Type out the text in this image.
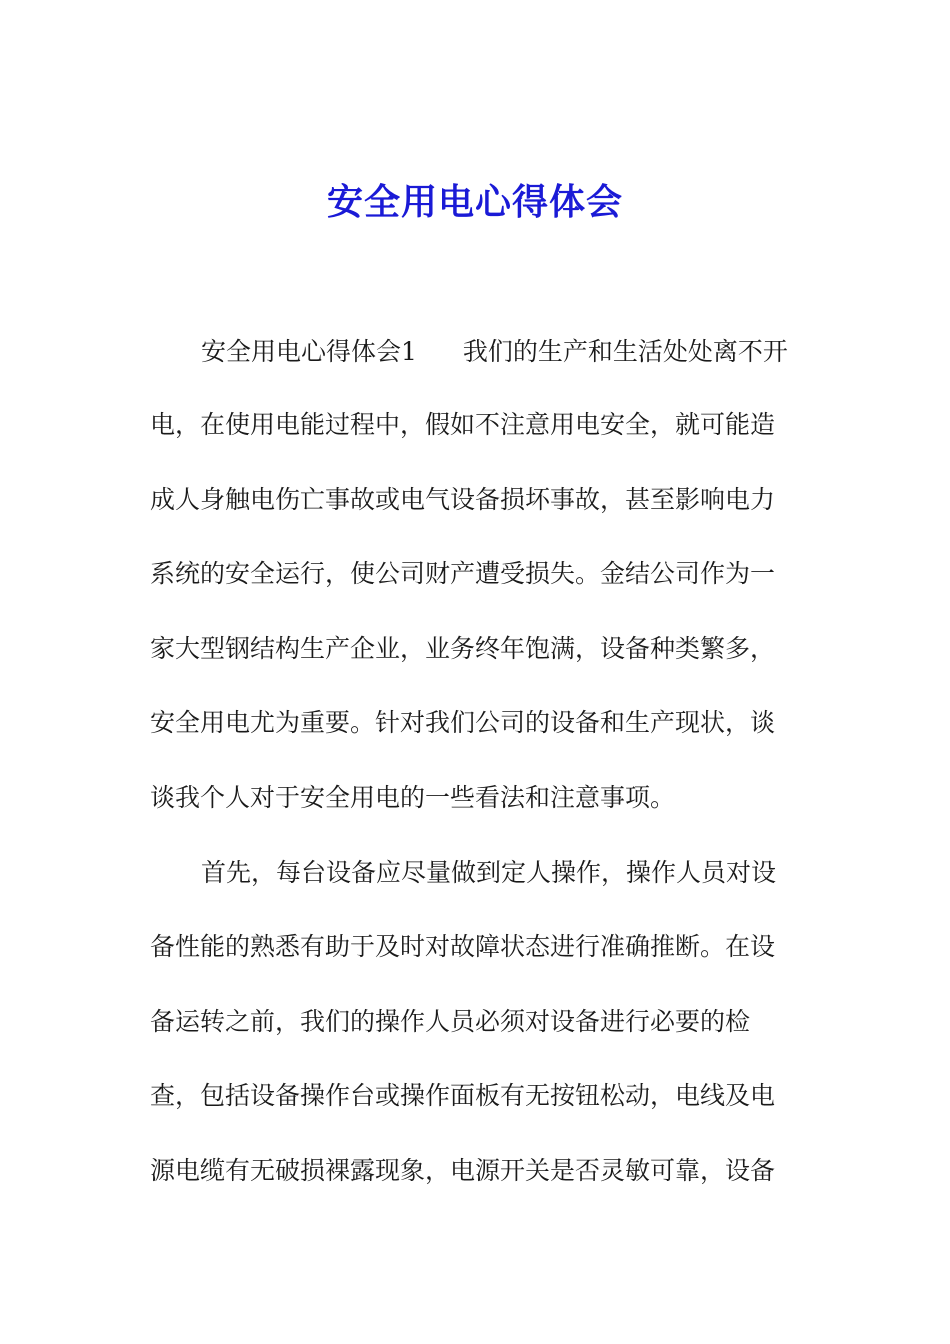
安全用电心得体会
安全用电心得体会1 我们的生产和生活处处离不开
电，在使用电能过程中，假如不注意用电安全，就可能造
成人身触电伤亡事故或电气设备损坏事故，甚至影响电力
系统的安全运行，使公司财产遭受损失。金结公司作为一
家大型钢结构生产企业，业务终年饱满，设备种类繁多，
安全用电尤为重要。针对我们公司的设备和生产现状，谈
谈我个人对于安全用电的一些看法和注意事项。
首先，每台设备应尽量做到定人操作，操作人员对设
备性能的熟悉有助于及时对故障状态进行准确推断。在设
备运转之前，我们的操作人员必须对设备进行必要的检
查，包括设备操作台或操作面板有无按钮松动，电线及电
源电缆有无破损裸露现象，电源开关是否灵敏可靠，设备
